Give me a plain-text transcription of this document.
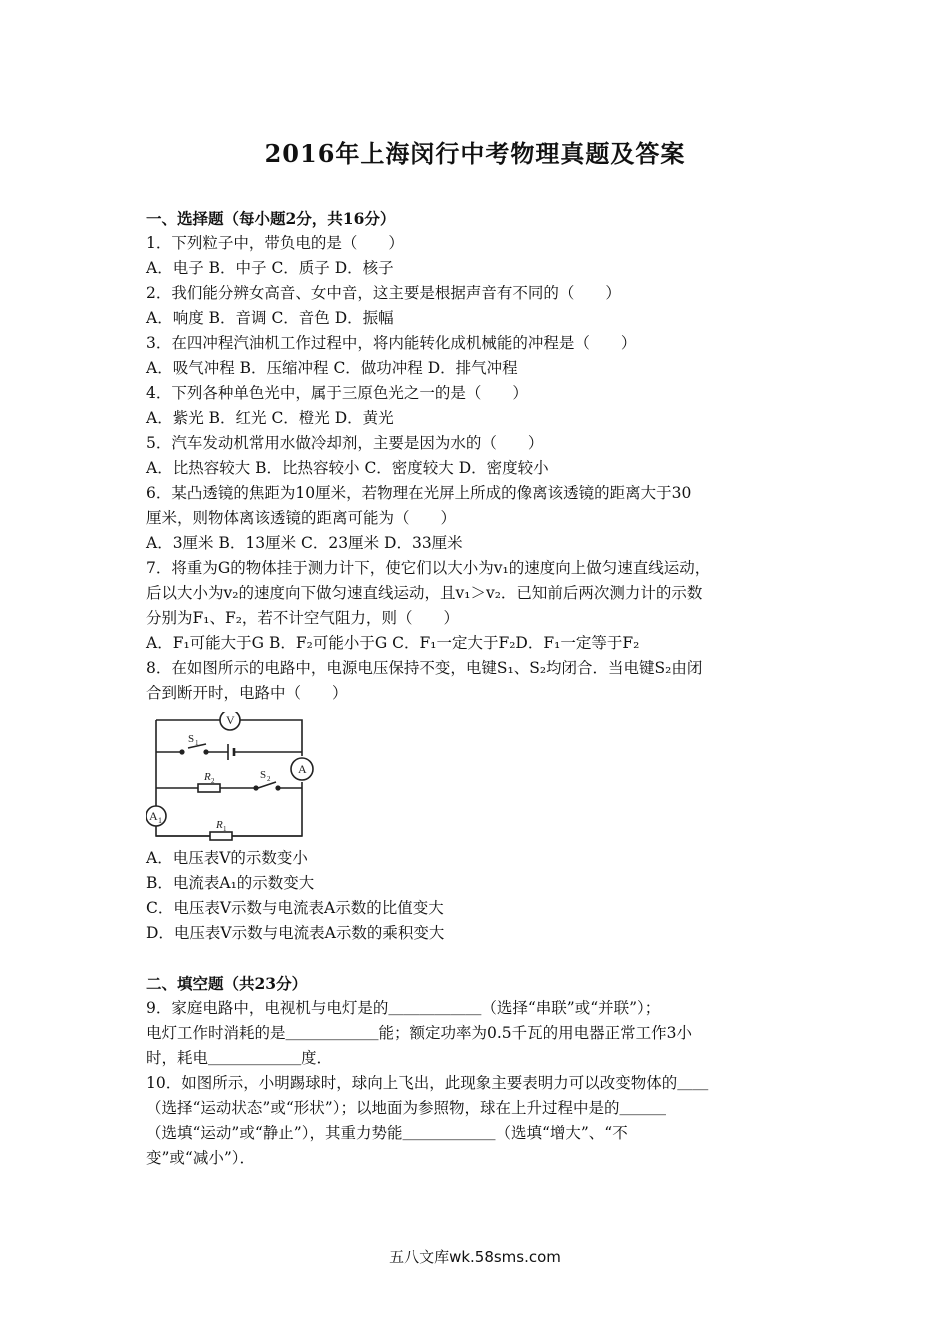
2016年上海闵行中考物理真题及答案

一、选择题（每小题2分，共16分）

1．下列粒子中，带负电的是（　　）

A．电子 B．中子 C．质子 D．核子

2．我们能分辨女高音、女中音，这主要是根据声音有不同的（　　）

A．响度 B．音调 C．音色 D．振幅

3．在四冲程汽油机工作过程中，将内能转化成机械能的冲程是（　　）

A．吸气冲程 B．压缩冲程 C．做功冲程 D．排气冲程

4．下列各种单色光中，属于三原色光之一的是（　　）

A．紫光 B．红光 C．橙光 D．黄光

5．汽车发动机常用水做冷却剂，主要是因为水的（　　）

A．比热容较大 B．比热容较小 C．密度较大 D．密度较小

6．某凸透镜的焦距为10厘米，若物理在光屏上所成的像离该透镜的距离大于30

厘米，则物体离该透镜的距离可能为（　　）

A．3厘米 B．13厘米 C．23厘米 D．33厘米

7．将重为G的物体挂于测力计下，使它们以大小为v₁的速度向上做匀速直线运动，

后以大小为v₂的速度向下做匀速直线运动，且v₁＞v₂．已知前后两次测力计的示数

分别为F₁、F₂，若不计空气阻力，则（　　）

A．F₁可能大于G B．F₂可能小于G C．F₁一定大于F₂D．F₁一定等于F₂

8．在如图所示的电路中，电源电压保持不变，电键S₁、S₂均闭合．当电键S₂由闭

合到断开时，电路中（　　）

V
A
A 1
S 1
S 2
R 2
R 1

A．电压表V的示数变小

B．电流表A₁的示数变大

C．电压表V示数与电流表A示数的比值变大

D．电压表V示数与电流表A示数的乘积变大

二、填空题（共23分）

9．家庭电路中，电视机与电灯是的＿＿＿＿＿＿（选择“串联”或“并联”）；

电灯工作时消耗的是＿＿＿＿＿＿能；额定功率为0.5千瓦的用电器正常工作3小

时，耗电＿＿＿＿＿＿度．

10．如图所示，小明踢球时，球向上飞出，此现象主要表明力可以改变物体的＿＿

（选择“运动状态”或“形状”）；以地面为参照物，球在上升过程中是的＿＿＿

（选填“运动”或“静止”），其重力势能＿＿＿＿＿＿（选填“增大”、“不

变”或“减小”）．

五八文库wk.58sms.com
